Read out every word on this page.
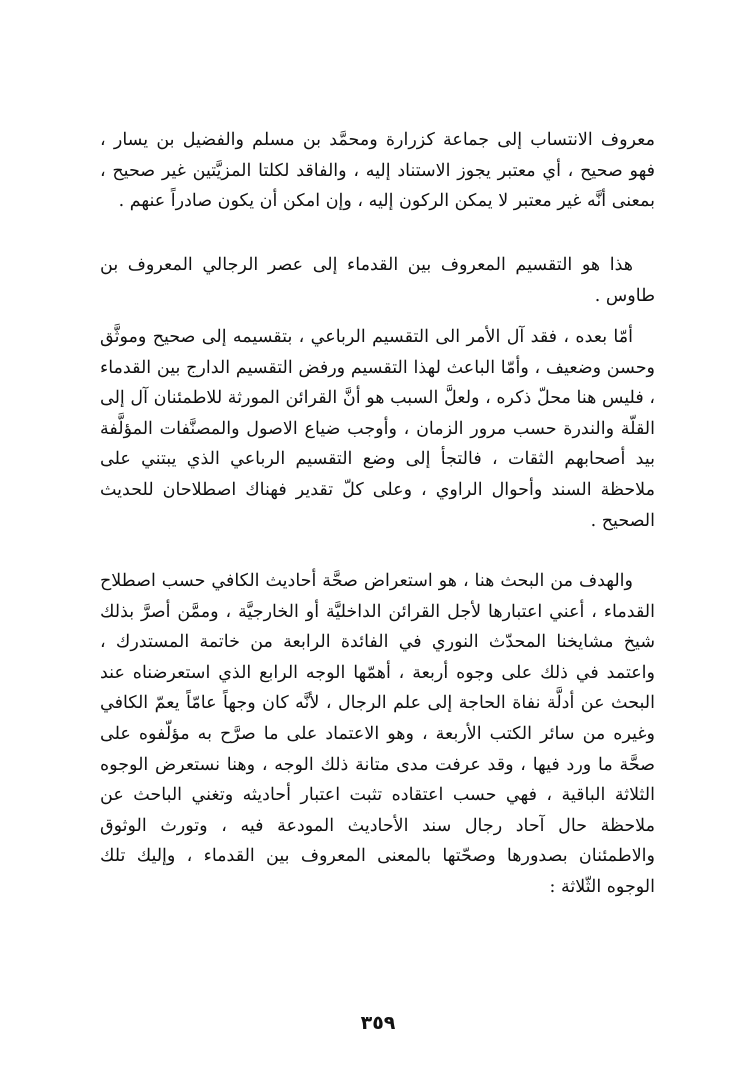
معروف الانتساب إلى جماعة كزرارة ومحمَّد بن مسلم والفضيل بن يسار ، فهو صحيح ، أي معتبر يجوز الاستناد إليه ، والفاقد لكلتا المزيَّتين غير صحيح ، بمعنى أنَّه غير معتبر لا يمكن الركون إليه ، وإن امكن أن يكون صادراً عنهم .

هذا هو التقسيم المعروف بين القدماء إلى عصر الرجالي المعروف بن طاوس .

أمّا بعده ، فقد آل الأمر الى التقسيم الرباعي ، بتقسيمه إلى صحيح وموثَّق وحسن وضعيف ، وأمّا الباعث لهذا التقسيم ورفض التقسيم الدارج بين القدماء ، فليس هنا محلّ ذكره ، ولعلَّ السبب هو أنَّ القرائن المورثة للاطمئنان آل إلى القلّة والندرة حسب مرور الزمان ، وأوجب ضياع الاصول والمصنَّفات المؤلَّفة بيد أصحابهم الثقات ، فالتجأ إلى وضع التقسيم الرباعي الذي يبتني على ملاحظة السند وأحوال الراوي ، وعلى كلّ تقدير فهناك اصطلاحان للحديث الصحيح .

والهدف من البحث هنا ، هو استعراض صحَّة أحاديث الكافي حسب اصطلاح القدماء ، أعني اعتبارها لأجل القرائن الداخليَّة أو الخارجيَّة ، وممَّن أصرَّ بذلك شيخ مشايخنا المحدّث النوري في الفائدة الرابعة من خاتمة المستدرك ، واعتمد في ذلك على وجوه أربعة ، أهمّها الوجه الرابع الذي استعرضناه عند البحث عن أدلَّة نفاة الحاجة إلى علم الرجال ، لأنَّه كان وجهاً عامّاً يعمّ الكافي وغيره من سائر الكتب الأربعة ، وهو الاعتماد على ما صرَّح به مؤلّفوه على صحَّة ما ورد فيها ، وقد عرفت مدى متانة ذلك الوجه ، وهنا نستعرض الوجوه الثلاثة الباقية ، فهي حسب اعتقاده تثبت اعتبار أحاديثه وتغني الباحث عن ملاحظة حال آحاد رجال سند الأحاديث المودعة فيه ، وتورث الوثوق والاطمئنان بصدورها وصحّتها بالمعنى المعروف بين القدماء ، وإليك تلك الوجوه الثّلاثة :

٣٥٩
